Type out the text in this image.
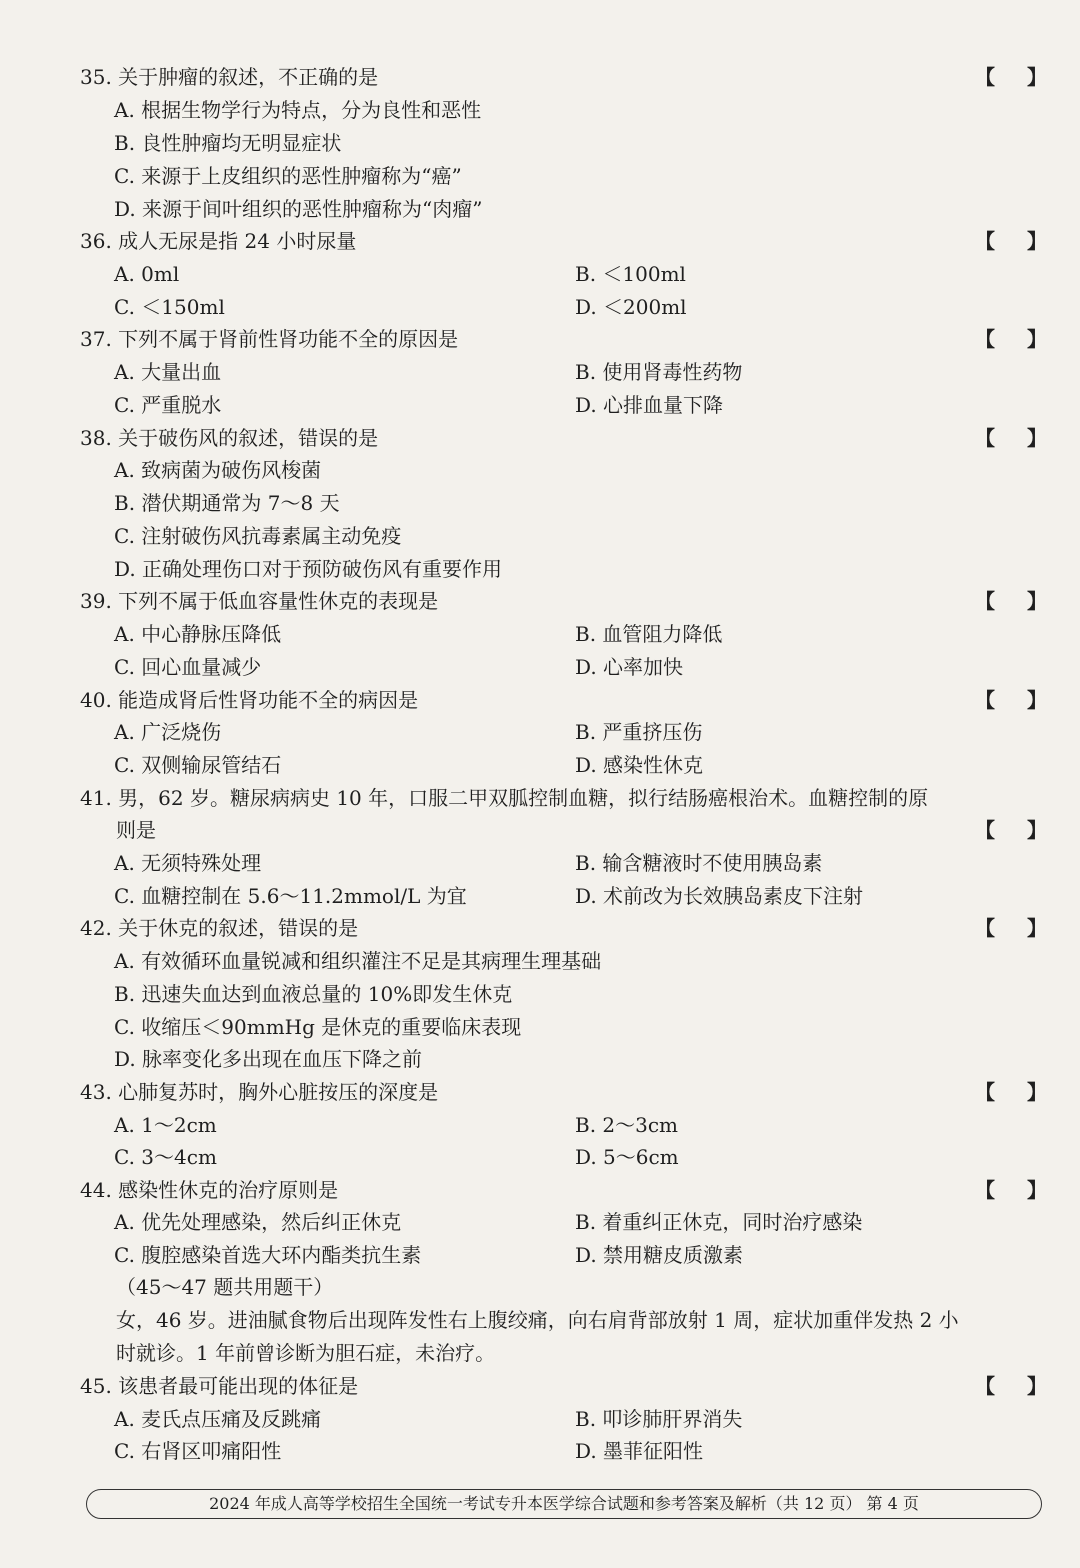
35. 关于肿瘤的叙述，不正确的是	【 】
A. 根据生物学行为特点，分为良性和恶性
B. 良性肿瘤均无明显症状
C. 来源于上皮组织的恶性肿瘤称为“癌”
D. 来源于间叶组织的恶性肿瘤称为“肉瘤”
36. 成人无尿是指 24 小时尿量	【 】
A. 0ml	B. ＜100ml
C. ＜150ml	D. ＜200ml
37. 下列不属于肾前性肾功能不全的原因是	【 】
A. 大量出血	B. 使用肾毒性药物
C. 严重脱水	D. 心排血量下降
38. 关于破伤风的叙述，错误的是	【 】
A. 致病菌为破伤风梭菌
B. 潜伏期通常为 7～8 天
C. 注射破伤风抗毒素属主动免疫
D. 正确处理伤口对于预防破伤风有重要作用
39. 下列不属于低血容量性休克的表现是	【 】
A. 中心静脉压降低	B. 血管阻力降低
C. 回心血量减少	D. 心率加快
40. 能造成肾后性肾功能不全的病因是	【 】
A. 广泛烧伤	B. 严重挤压伤
C. 双侧输尿管结石	D. 感染性休克
41. 男，62 岁。糖尿病病史 10 年，口服二甲双胍控制血糖，拟行结肠癌根治术。血糖控制的原
则是	【 】
A. 无须特殊处理	B. 输含糖液时不使用胰岛素
C. 血糖控制在 5.6～11.2mmol/L 为宜	D. 术前改为长效胰岛素皮下注射
42. 关于休克的叙述，错误的是	【 】
A. 有效循环血量锐减和组织灌注不足是其病理生理基础
B. 迅速失血达到血液总量的 10%即发生休克
C. 收缩压＜90mmHg 是休克的重要临床表现
D. 脉率变化多出现在血压下降之前
43. 心肺复苏时，胸外心脏按压的深度是	【 】
A. 1～2cm	B. 2～3cm
C. 3～4cm	D. 5～6cm
44. 感染性休克的治疗原则是	【 】
A. 优先处理感染，然后纠正休克	B. 着重纠正休克，同时治疗感染
C. 腹腔感染首选大环内酯类抗生素	D. 禁用糖皮质激素
（45～47 题共用题干）
女，46 岁。进油腻食物后出现阵发性右上腹绞痛，向右肩背部放射 1 周，症状加重伴发热 2 小
时就诊。1 年前曾诊断为胆石症，未治疗。
45. 该患者最可能出现的体征是	【 】
A. 麦氏点压痛及反跳痛	B. 叩诊肺肝界消失
C. 右肾区叩痛阳性	D. 墨菲征阳性
2024 年成人高等学校招生全国统一考试专升本医学综合试题和参考答案及解析（共 12 页） 第 4 页
